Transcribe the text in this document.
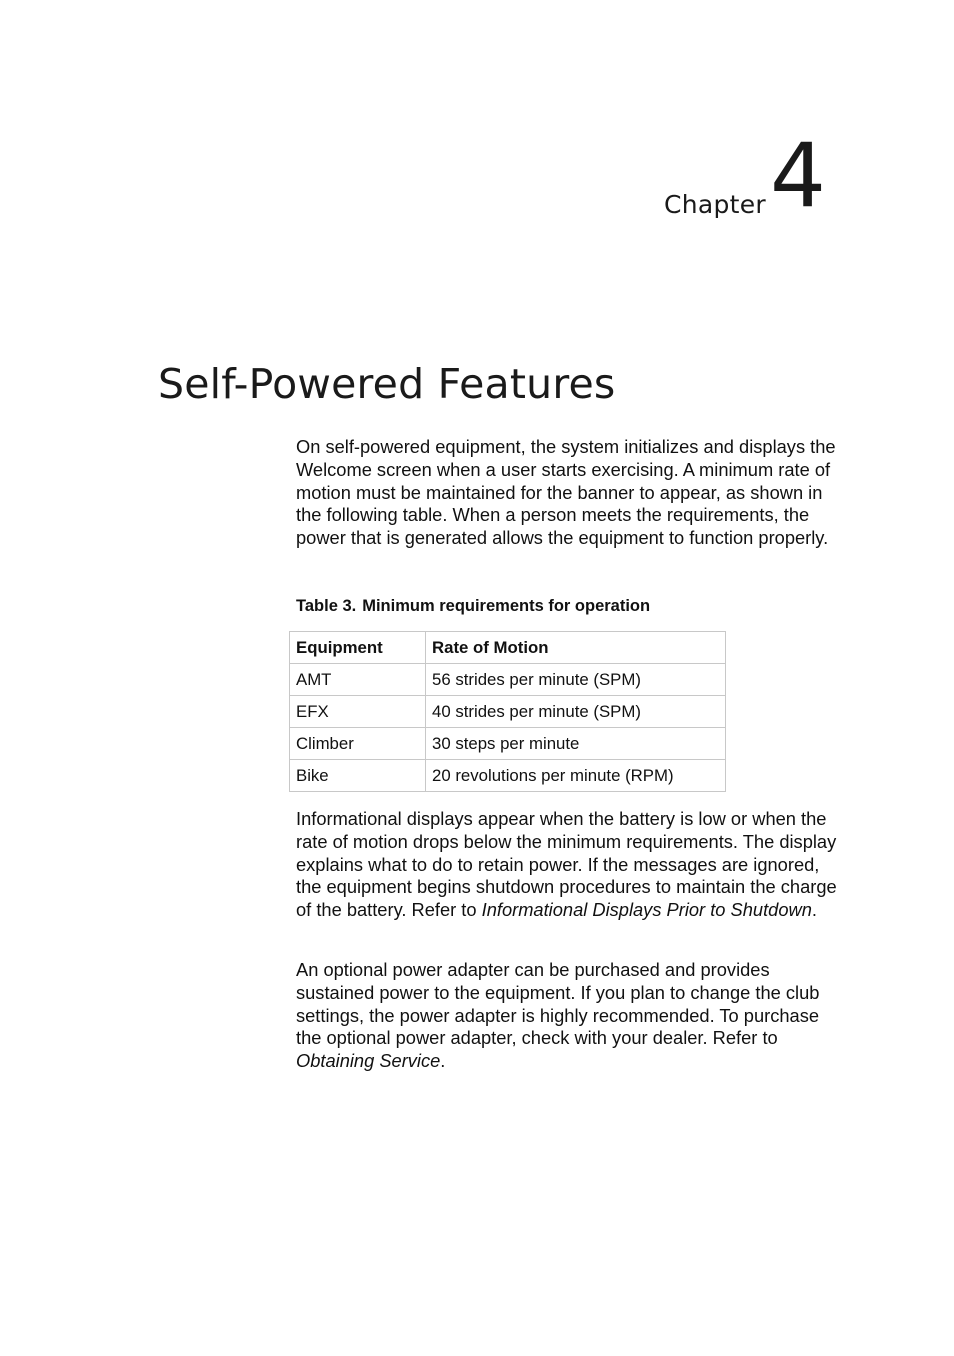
Chapter 4
Self-Powered Features

On self-powered equipment, the system initializes and displays the Welcome screen when a user starts exercising. A minimum rate of motion must be maintained for the banner to appear, as shown in the following table. When a person meets the requirements, the power that is generated allows the equipment to function properly.

Table 3. Minimum requirements for operation

Equipment	Rate of Motion
AMT	56 strides per minute (SPM)
EFX	40 strides per minute (SPM)
Climber	30 steps per minute
Bike	20 revolutions per minute (RPM)

Informational displays appear when the battery is low or when the rate of motion drops below the minimum requirements. The display explains what to do to retain power. If the messages are ignored, the equipment begins shutdown procedures to maintain the charge of the battery. Refer to Informational Displays Prior to Shutdown.

An optional power adapter can be purchased and provides sustained power to the equipment. If you plan to change the club settings, the power adapter is highly recommended. To purchase the optional power adapter, check with your dealer. Refer to Obtaining Service.
